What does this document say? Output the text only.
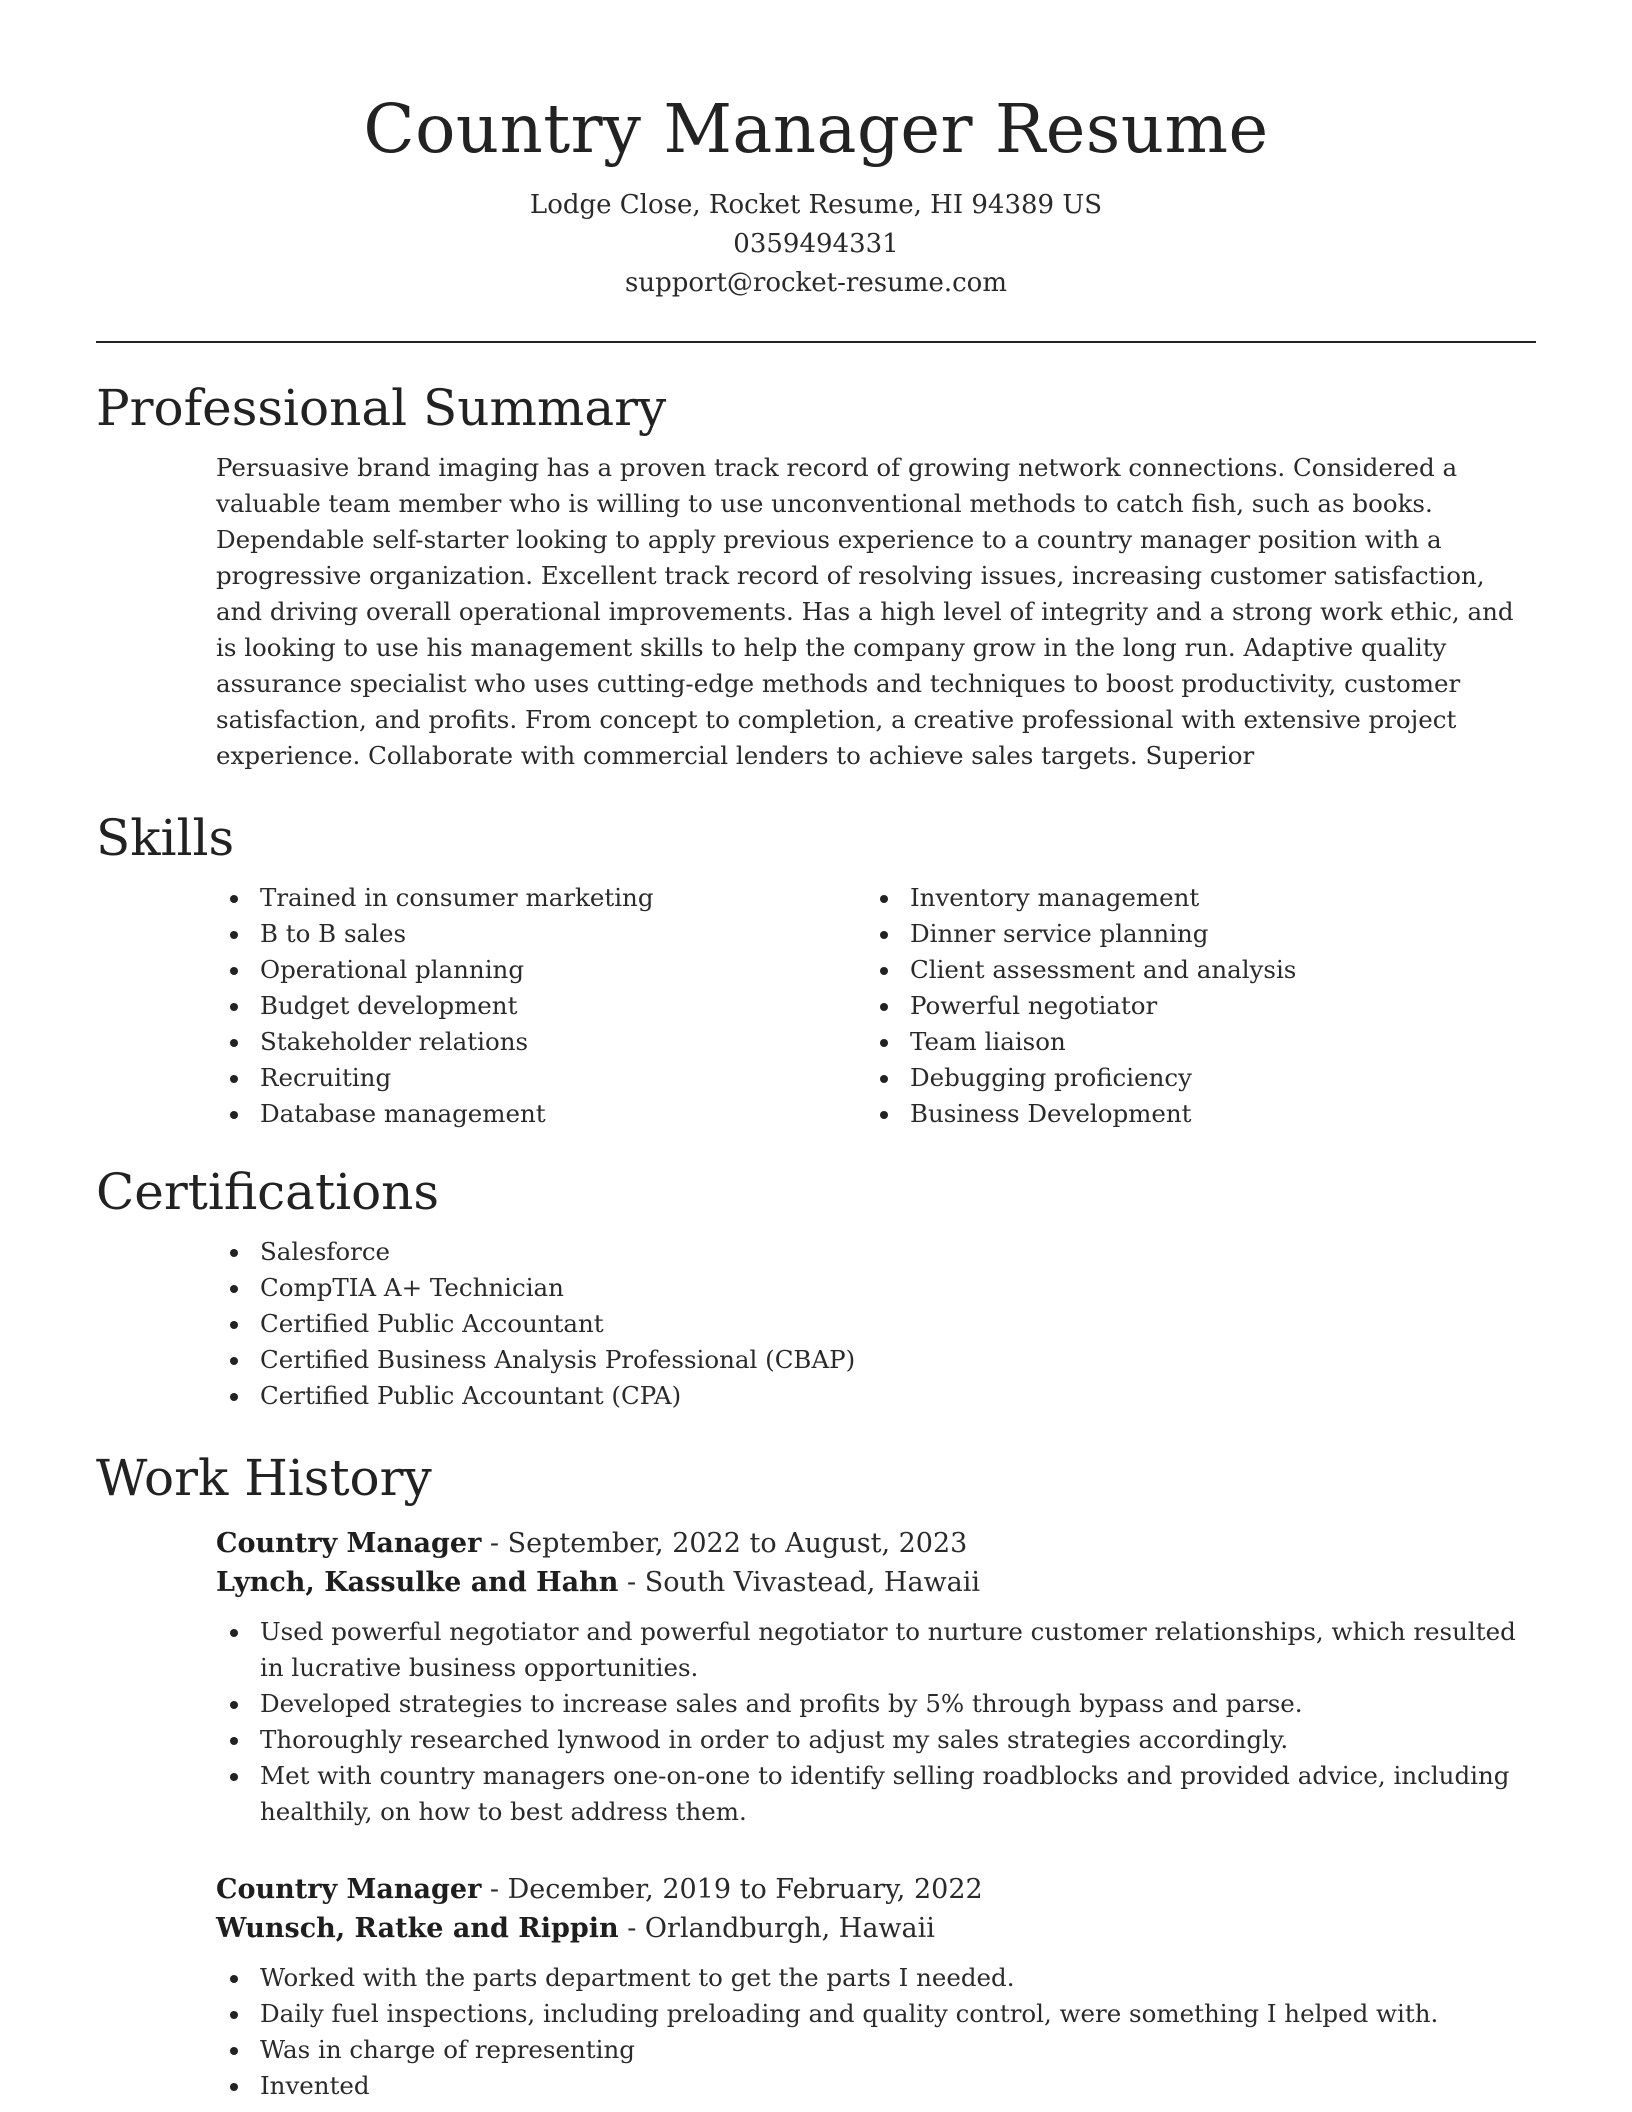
Country Manager Resume

Lodge Close, Rocket Resume, HI 94389 US

0359494331

support@rocket-resume.com

Professional Summary

Persuasive brand imaging has a proven track record of growing network connections. Considered a valuable team member who is willing to use unconventional methods to catch fish, such as books. Dependable self-starter looking to apply previous experience to a country manager position with a progressive organization. Excellent track record of resolving issues, increasing customer satisfaction, and driving overall operational improvements. Has a high level of integrity and a strong work ethic, and is looking to use his management skills to help the company grow in the long run. Adaptive quality assurance specialist who uses cutting-edge methods and techniques to boost productivity, customer satisfaction, and profits. From concept to completion, a creative professional with extensive project experience. Collaborate with commercial lenders to achieve sales targets. Superior

Skills
Trained in consumer marketing
B to B sales
Operational planning
Budget development
Stakeholder relations
Recruiting
Database management
Inventory management
Dinner service planning
Client assessment and analysis
Powerful negotiator
Team liaison
Debugging proficiency
Business Development
Certifications
Salesforce
CompTIA A+ Technician
Certified Public Accountant
Certified Business Analysis Professional (CBAP)
Certified Public Accountant (CPA)
Work History

Country Manager - September, 2022 to August, 2023

Lynch, Kassulke and Hahn - South Vivastead, Hawaii

Used powerful negotiator and powerful negotiator to nurture customer relationships, which resulted in lucrative business opportunities.
Developed strategies to increase sales and profits by 5% through bypass and parse.
Thoroughly researched lynwood in order to adjust my sales strategies accordingly.
Met with country managers one-on-one to identify selling roadblocks and provided advice, including healthily, on how to best address them.

Country Manager - December, 2019 to February, 2022

Wunsch, Ratke and Rippin - Orlandburgh, Hawaii

Worked with the parts department to get the parts I needed.
Daily fuel inspections, including preloading and quality control, were something I helped with.
Was in charge of representing
Invented
